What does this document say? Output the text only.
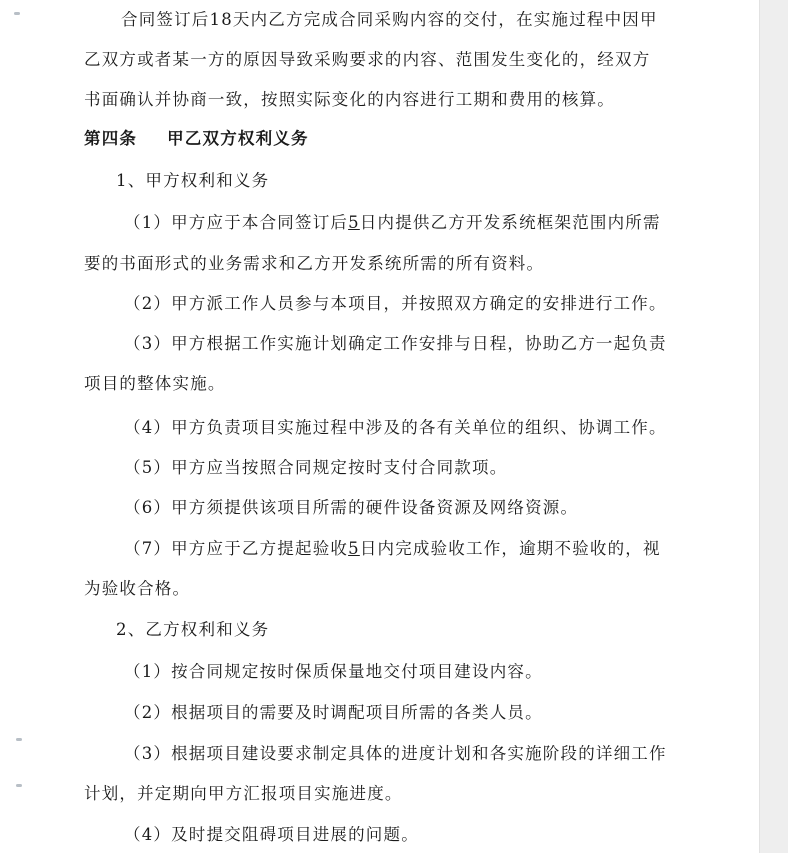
合同签订后18天内乙方完成合同采购内容的交付，在实施过程中因甲
乙双方或者某一方的原因导致采购要求的内容、范围发生变化的，经双方
书面确认并协商一致，按照实际变化的内容进行工期和费用的核算。
第四条 甲乙双方权利义务
1、甲方权利和义务
（1）甲方应于本合同签订后5日内提供乙方开发系统框架范围内所需
要的书面形式的业务需求和乙方开发系统所需的所有资料。
（2）甲方派工作人员参与本项目，并按照双方确定的安排进行工作。
（3）甲方根据工作实施计划确定工作安排与日程，协助乙方一起负责
项目的整体实施。
（4）甲方负责项目实施过程中涉及的各有关单位的组织、协调工作。
（5）甲方应当按照合同规定按时支付合同款项。
（6）甲方须提供该项目所需的硬件设备资源及网络资源。
（7）甲方应于乙方提起验收5日内完成验收工作，逾期不验收的，视
为验收合格。
2、乙方权利和义务
（1）按合同规定按时保质保量地交付项目建设内容。
（2）根据项目的需要及时调配项目所需的各类人员。
（3）根据项目建设要求制定具体的进度计划和各实施阶段的详细工作
计划，并定期向甲方汇报项目实施进度。
（4）及时提交阻碍项目进展的问题。
